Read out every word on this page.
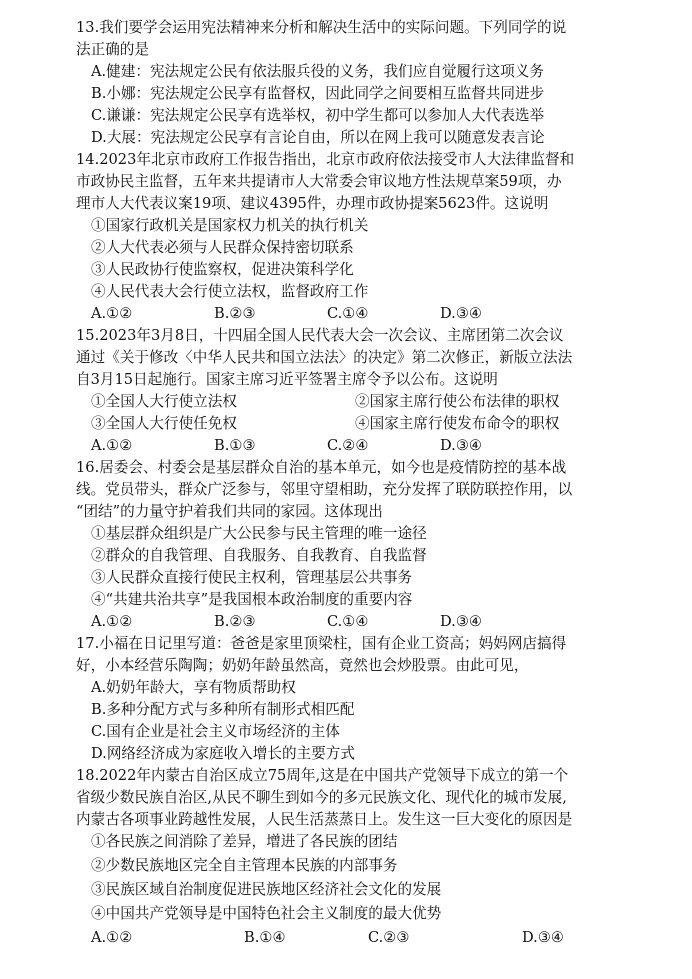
13.我们要学会运用宪法精神来分析和解决生活中的实际问题。下列同学的说
法正确的是
A.健建：宪法规定公民有依法服兵役的义务，我们应自觉履行这项义务
B.小娜：宪法规定公民享有监督权，因此同学之间要相互监督共同进步
C.谦谦：宪法规定公民享有选举权，初中学生都可以参加人大代表选举
D.大展：宪法规定公民享有言论自由，所以在网上我可以随意发表言论
14.2023年北京市政府工作报告指出，北京市政府依法接受市人大法律监督和
市政协民主监督，五年来共提请市人大常委会审议地方性法规草案59项，办
理市人大代表议案19项、建议4395件，办理市政协提案5623件。这说明
①国家行政机关是国家权力机关的执行机关
②人大代表必须与人民群众保持密切联系
③人民政协行使监察权，促进决策科学化
④人民代表大会行使立法权，监督政府工作
A.①②	B.②③	C.①④	D.③④
15.2023年3月8日，十四届全国人民代表大会一次会议、主席团第二次会议
通过《关于修改〈中华人民共和国立法法〉的决定》第二次修正，新版立法法
自3月15日起施行。国家主席习近平签署主席令予以公布。这说明
①全国人大行使立法权	②国家主席行使公布法律的职权
③全国人大行使任免权	④国家主席行使发布命令的职权
A.①②	B.①③	C.②④	D.③④
16.居委会、村委会是基层群众自治的基本单元，如今也是疫情防控的基本战
线。党员带头，群众广泛参与，邻里守望相助，充分发挥了联防联控作用，以
“团结”的力量守护着我们共同的家园。这体现出
①基层群众组织是广大公民参与民主管理的唯一途径
②群众的自我管理、自我服务、自我教育、自我监督
③人民群众直接行使民主权利，管理基层公共事务
④“共建共治共享”是我国根本政治制度的重要内容
A.①②	B.②③	C.①④	D.③④
17.小福在日记里写道：爸爸是家里顶梁柱，国有企业工资高；妈妈网店搞得
好，小本经营乐陶陶；奶奶年龄虽然高，竟然也会炒股票。由此可见，
A.奶奶年龄大，享有物质帮助权
B.多种分配方式与多种所有制形式相匹配
C.国有企业是社会主义市场经济的主体
D.网络经济成为家庭收入增长的主要方式
18.2022年内蒙古自治区成立75周年,这是在中国共产党领导下成立的第一个
省级少数民族自治区,从民不聊生到如今的多元民族文化、现代化的城市发展,
内蒙古各项事业跨越性发展，人民生活蒸蒸日上。发生这一巨大变化的原因是
①各民族之间消除了差异，增进了各民族的团结
②少数民族地区完全自主管理本民族的内部事务
③民族区域自治制度促进民族地区经济社会文化的发展
④中国共产党领导是中国特色社会主义制度的最大优势
A.①②	B.①④	C.②③	D.③④
